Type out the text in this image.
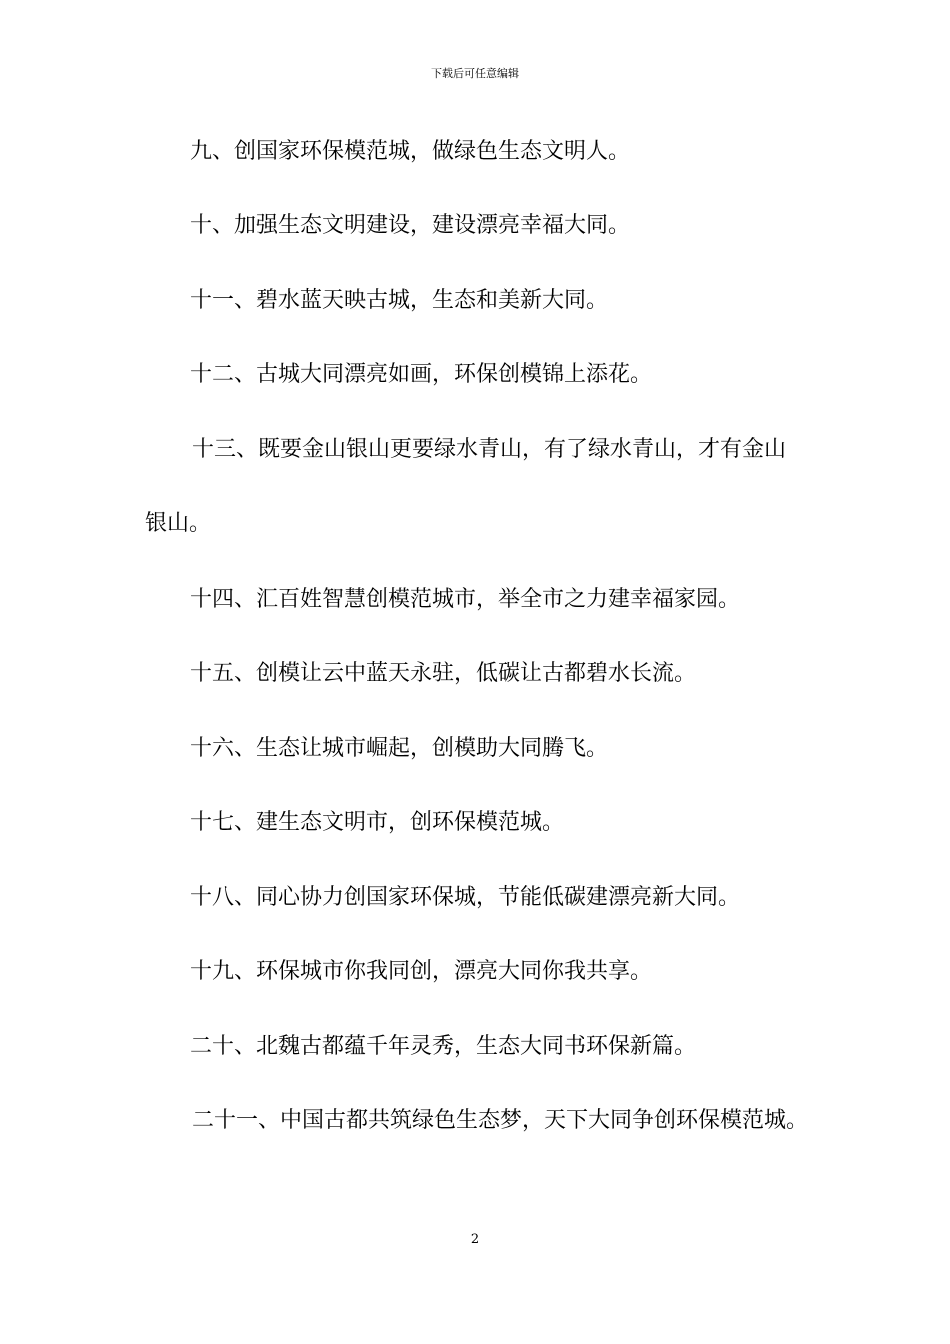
下载后可任意编辑
九、创国家环保模范城，做绿色生态文明人。
十、加强生态文明建设，建设漂亮幸福大同。
十一、碧水蓝天映古城，生态和美新大同。
十二、古城大同漂亮如画，环保创模锦上添花。
十三、既要金山银山更要绿水青山，有了绿水青山，才有金山
银山。
十四、汇百姓智慧创模范城市，举全市之力建幸福家园。
十五、创模让云中蓝天永驻，低碳让古都碧水长流。
十六、生态让城市崛起，创模助大同腾飞。
十七、建生态文明市，创环保模范城。
十八、同心协力创国家环保城，节能低碳建漂亮新大同。
十九、环保城市你我同创，漂亮大同你我共享。
二十、北魏古都蕴千年灵秀，生态大同书环保新篇。
二十一、中国古都共筑绿色生态梦，天下大同争创环保模范城。
2
